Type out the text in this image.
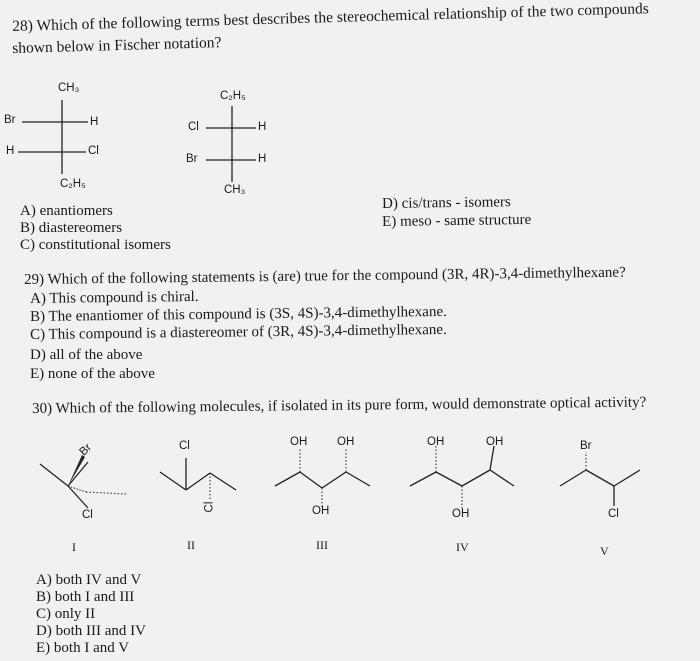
28) Which of the following terms best describes the stereochemical relationship of the two compounds
shown below in Fischer notation?
CH₃
Br	H
H	Cl
C₂H₅
C₂H₅
Cl	H
Br	H
CH₃
A) enantiomers
B) diastereomers
C) constitutional isomers
D) cis/trans - isomers
E) meso - same structure
29) Which of the following statements is (are) true for the compound (3R, 4R)-3,4-dimethylhexane?
A) This compound is chiral.
B) The enantiomer of this compound is (3S, 4S)-3,4-dimethylhexane.
C) This compound is a diastereomer of (3R, 4S)-3,4-dimethylhexane.
D) all of the above
E) none of the above
30) Which of the following molecules, if isolated in its pure form, would demonstrate optical activity?
Br
Cl
Cl
Cl
OH	OH
OH
OH	OH
OH
Br
Cl
I	II	III	IV	V
A) both IV and V
B) both I and III
C) only II
D) both III and IV
E) both I and V
